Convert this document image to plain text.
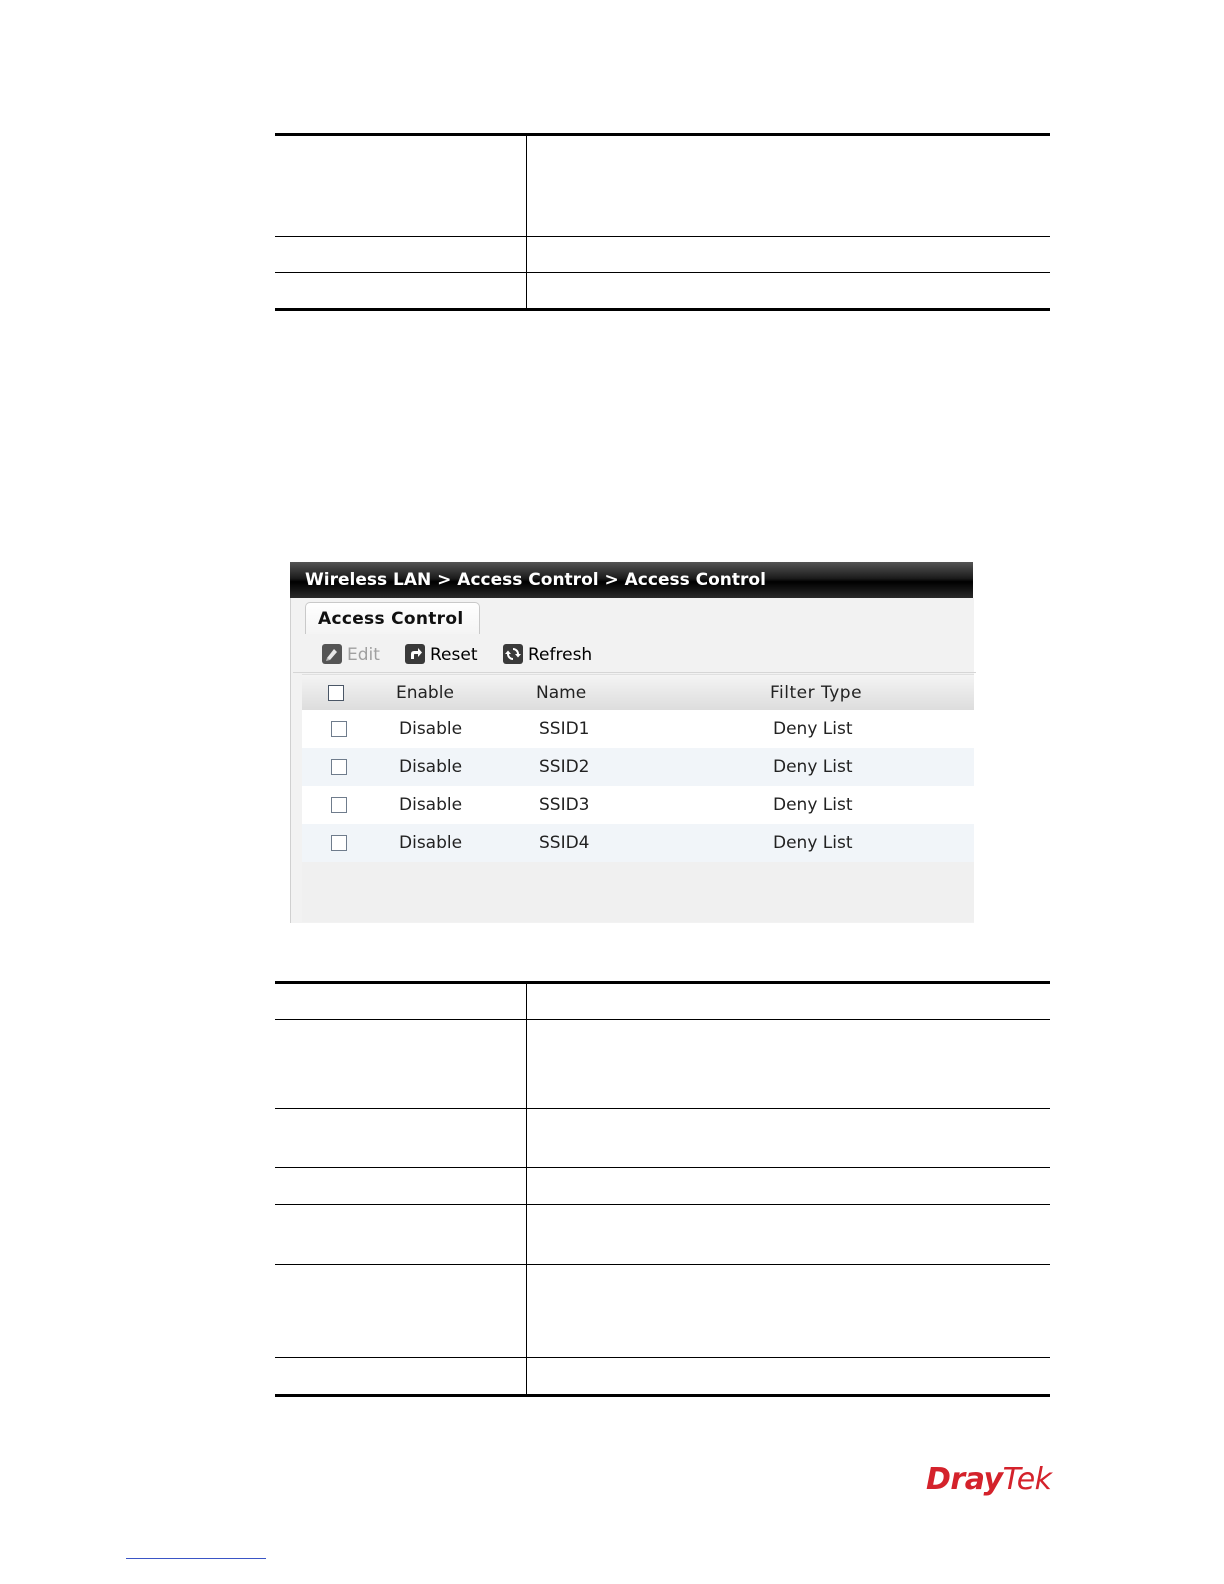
Wireless LAN > Access Control > Access Control
Access Control
Edit	Reset	Refresh
Enable	Name	Filter Type
Disable	SSID1	Deny List
Disable	SSID2	Deny List
Disable	SSID3	Deny List
Disable	SSID4	Deny List
DrayTek
